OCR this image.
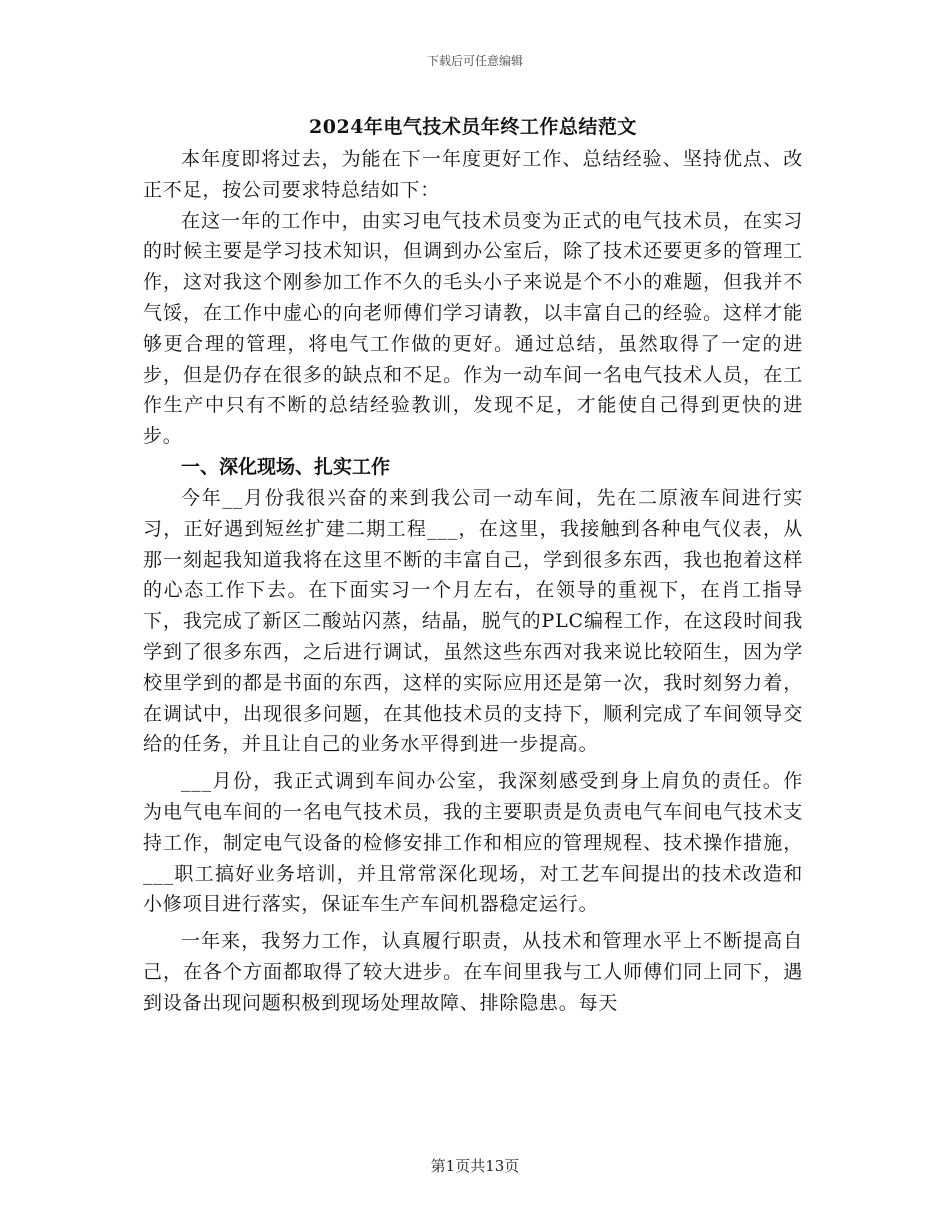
下载后可任意编辑
2024年电气技术员年终工作总结范文

本年度即将过去，为能在下一年度更好工作、总结经验、坚持优点、改正不足，按公司要求特总结如下：

在这一年的工作中，由实习电气技术员变为正式的电气技术员，在实习的时候主要是学习技术知识，但调到办公室后，除了技术还要更多的管理工作，这对我这个刚参加工作不久的毛头小子来说是个不小的难题，但我并不气馁，在工作中虚心的向老师傅们学习请教，以丰富自己的经验。这样才能够更合理的管理，将电气工作做的更好。通过总结，虽然取得了一定的进步，但是仍存在很多的缺点和不足。作为一动车间一名电气技术人员，在工作生产中只有不断的总结经验教训，发现不足，才能使自己得到更快的进步。

一、深化现场、扎实工作

今年__月份我很兴奋的来到我公司一动车间，先在二原液车间进行实习，正好遇到短丝扩建二期工程___，在这里，我接触到各种电气仪表，从那一刻起我知道我将在这里不断的丰富自己，学到很多东西，我也抱着这样的心态工作下去。在下面实习一个月左右，在领导的重视下，在肖工指导下，我完成了新区二酸站闪蒸，结晶，脱气的PLC编程工作，在这段时间我学到了很多东西，之后进行调试，虽然这些东西对我来说比较陌生，因为学校里学到的都是书面的东西，这样的实际应用还是第一次，我时刻努力着，在调试中，出现很多问题，在其他技术员的支持下，顺利完成了车间领导交给的任务，并且让自己的业务水平得到进一步提高。

___月份，我正式调到车间办公室，我深刻感受到身上肩负的责任。作为电气电车间的一名电气技术员，我的主要职责是负责电气车间电气技术支持工作，制定电气设备的检修安排工作和相应的管理规程、技术操作措施，___职工搞好业务培训，并且常常深化现场，对工艺车间提出的技术改造和小修项目进行落实，保证车生产车间机器稳定运行。

一年来，我努力工作，认真履行职责，从技术和管理水平上不断提高自己，在各个方面都取得了较大进步。在车间里我与工人师傅们同上同下，遇到设备出现问题积极到现场处理故障、排除隐患。每天

第1页共13页
